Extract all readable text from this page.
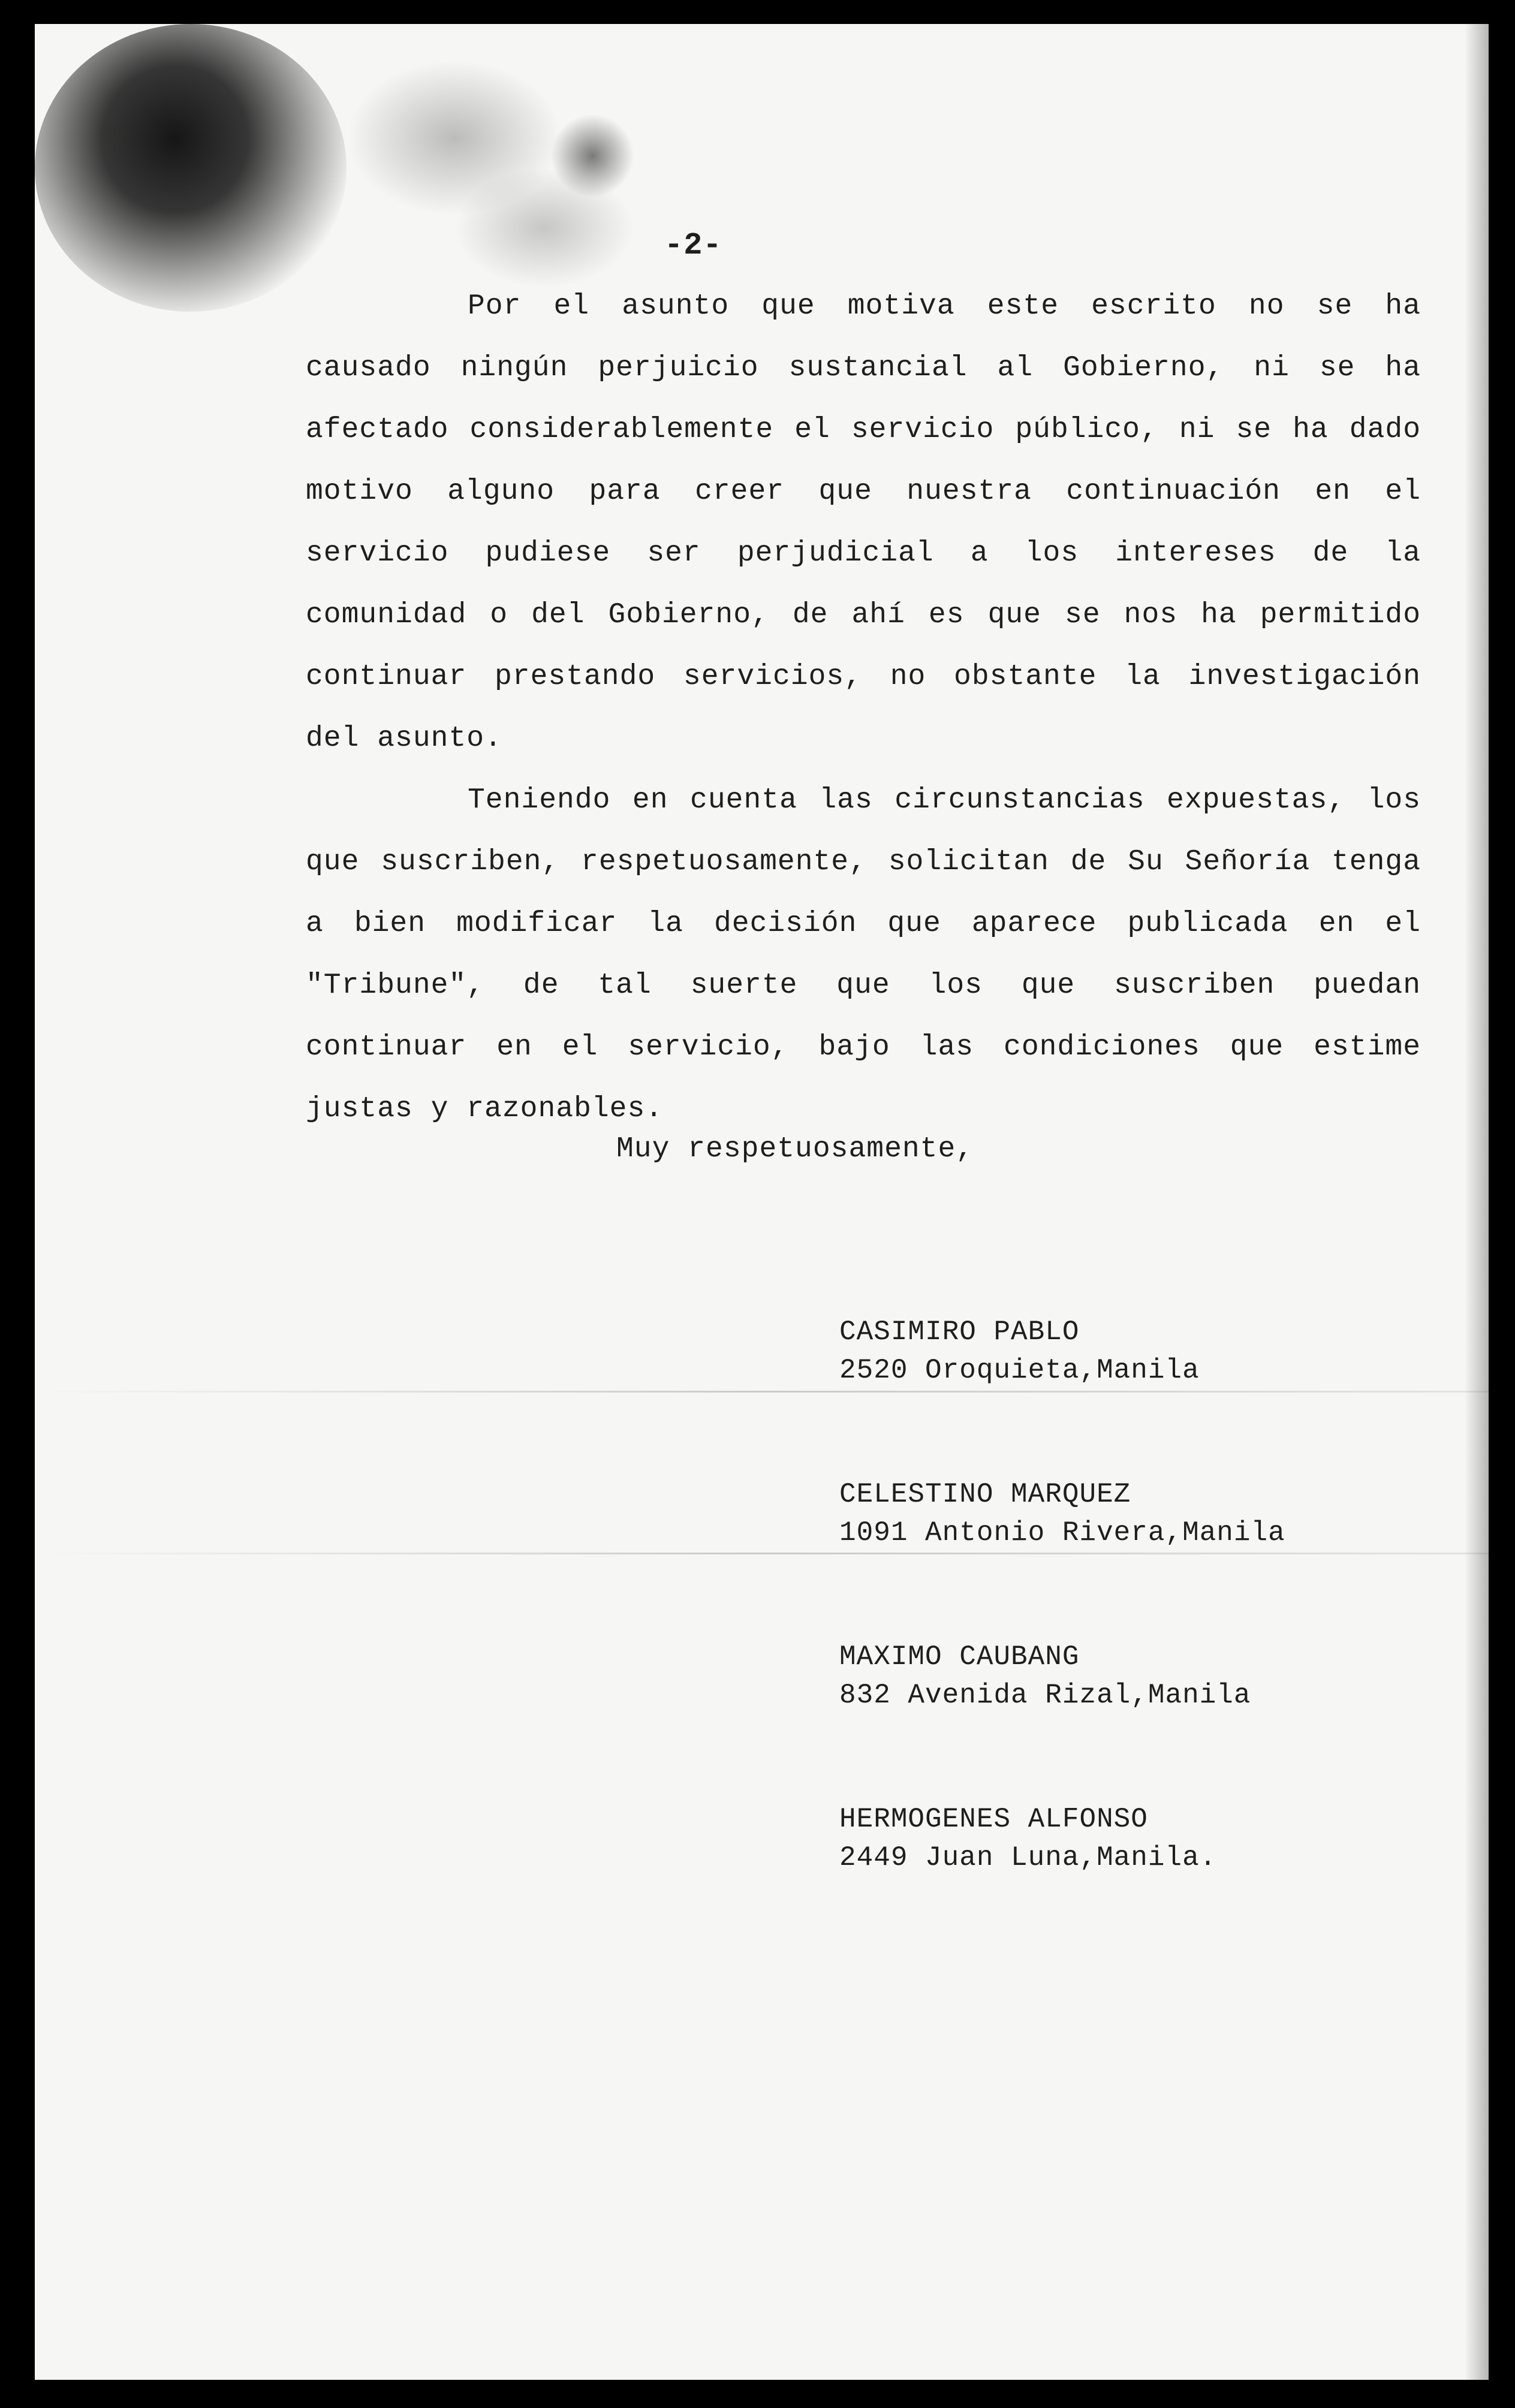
-2-

Por el asunto que motiva este escrito no se ha causado ningún perjuicio sustancial al Gobierno, ni se ha afectado considerablemente el servicio público, ni se ha dado motivo alguno para creer que nuestra continuación en el servicio pudiese ser perjudicial a los intereses de la comunidad o del Gobierno, de ahí es que se nos ha permitido continuar prestando servicios, no obstante la investigación del asunto.

Teniendo en cuenta las circunstancias expuestas, los que suscriben, respetuosamente, solicitan de Su Señoría tenga a bien modificar la decisión que aparece publicada en el "Tribune", de tal suerte que los que suscriben puedan continuar en el servicio, bajo las condiciones que estime justas y razonables.

Muy respetuosamente,

CASIMIRO PABLO
2520 Oroquieta,Manila
CELESTINO MARQUEZ
1091 Antonio Rivera,Manila
MAXIMO CAUBANG
832 Avenida Rizal,Manila
HERMOGENES ALFONSO
2449 Juan Luna,Manila.
